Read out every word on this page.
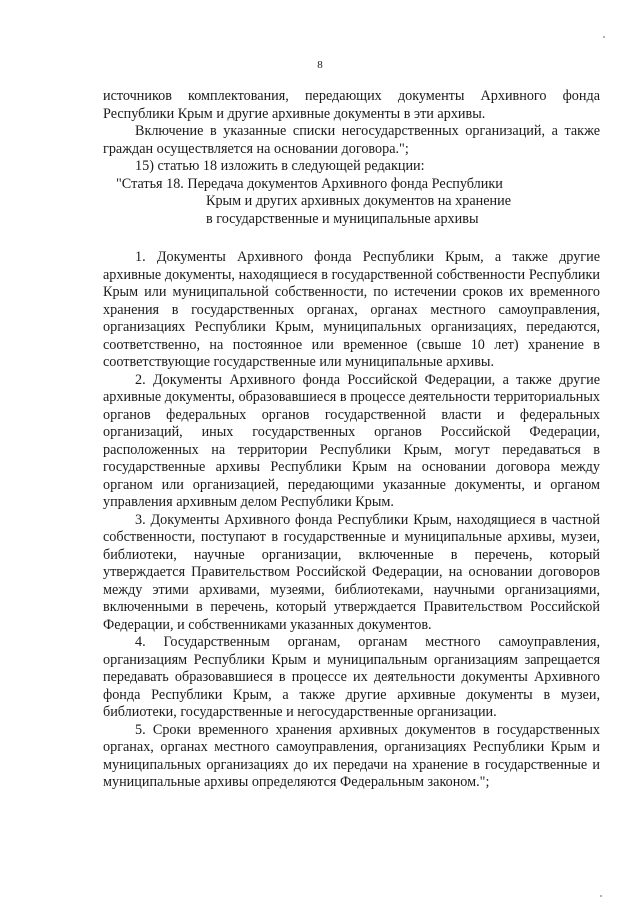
8

источников комплектования, передающих документы Архивного фонда Республики Крым и другие архивные документы в эти архивы.

Включение в указанные списки негосударственных организаций, а также граждан осуществляется на основании договора.";

15) статью 18 изложить в следующей редакции:

"Статья 18. Передача документов Архивного фонда Республики

Крым и других архивных документов на хранение

в государственные и муниципальные архивы

1. Документы Архивного фонда Республики Крым, а также другие архивные документы, находящиеся в государственной собственности Республики Крым или муниципальной собственности, по истечении сроков их временного хранения в государственных органах, органах местного самоуправления, организациях Республики Крым, муниципальных организациях, передаются, соответственно, на постоянное или временное (свыше 10 лет) хранение в соответствующие государственные или муниципальные архивы.

2. Документы Архивного фонда Российской Федерации, а также другие архивные документы, образовавшиеся в процессе деятельности территориальных органов федеральных органов государственной власти и федеральных организаций, иных государственных органов Российской Федерации, расположенных на территории Республики Крым, могут передаваться в государственные архивы Республики Крым на основании договора между органом или организацией, передающими указанные документы, и органом управления архивным делом Республики Крым.

3. Документы Архивного фонда Республики Крым, находящиеся в частной собственности, поступают в государственные и муниципальные архивы, музеи, библиотеки, научные организации, включенные в перечень, который утверждается Правительством Российской Федерации, на основании договоров между этими архивами, музеями, библиотеками, научными организациями, включенными в перечень, который утверждается Правительством Российской Федерации, и собственниками указанных документов.

4. Государственным органам, органам местного самоуправления, организациям Республики Крым и муниципальным организациям запрещается передавать образовавшиеся в процессе их деятельности документы Архивного фонда Республики Крым, а также другие архивные документы в музеи, библиотеки, государственные и негосударственные организации.

5. Сроки временного хранения архивных документов в государственных органах, органах местного самоуправления, организациях Республики Крым и муниципальных организациях до их передачи на хранение в государственные и муниципальные архивы определяются Федеральным законом.";
